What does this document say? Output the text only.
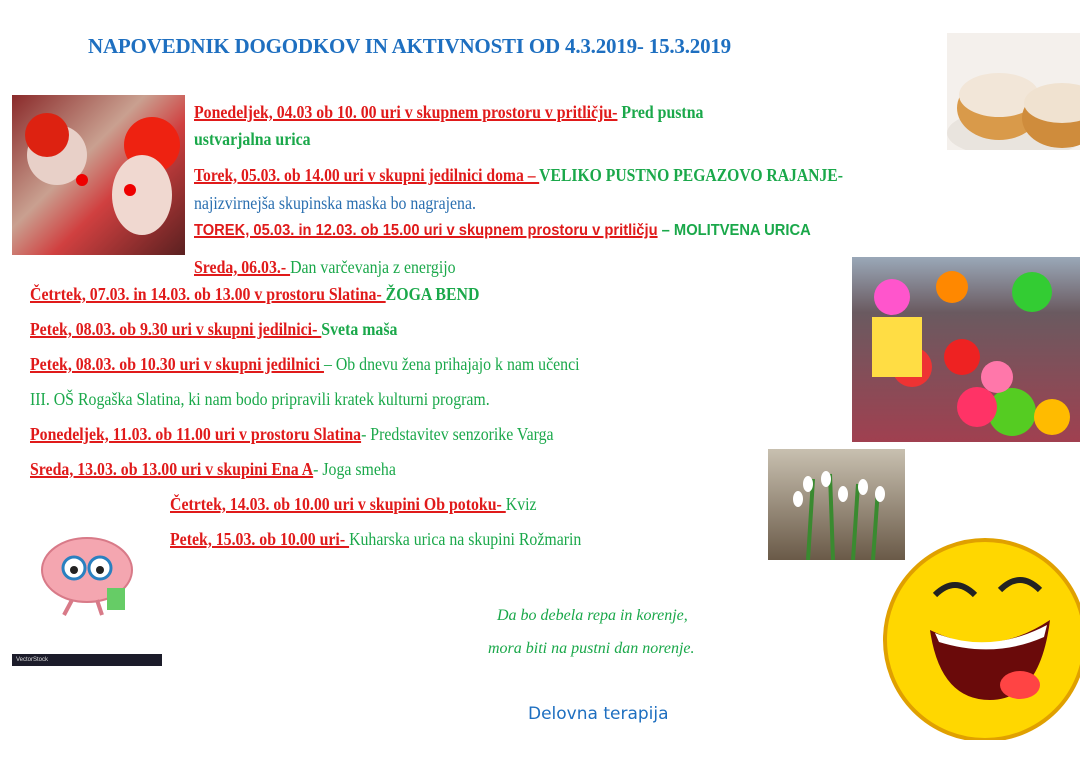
NAPOVEDNIK DOGODKOV IN AKTIVNOSTI OD 4.3.2019- 15.3.2019
VectorStock
Ponedeljek, 04.03 ob 10. 00 uri v skupnem prostoru v pritličju- Pred pustna
ustvarjalna urica
Torek, 05.03. ob 14.00 uri v skupni jedilnici doma – VELIKO PUSTNO PEGAZOVO RAJANJE-
najizvirnejša skupinska maska bo nagrajena.
TOREK, 05.03. in 12.03. ob 15.00 uri v skupnem prostoru v pritličju – MOLITVENA URICA
Sreda, 06.03.- Dan varčevanja z energijo
Četrtek, 07.03. in 14.03. ob 13.00 v prostoru Slatina- ŽOGA BEND
Petek, 08.03. ob 9.30 uri v skupni jedilnici- Sveta maša
Petek, 08.03. ob 10.30 uri v skupni jedilnici – Ob dnevu žena prihajajo k nam učenci
III. OŠ Rogaška Slatina, ki nam bodo pripravili kratek kulturni program.
Ponedeljek, 11.03. ob 11.00 uri v prostoru Slatina- Predstavitev senzorike Varga
Sreda, 13.03. ob 13.00 uri v skupini Ena A- Joga smeha
Četrtek, 14.03. ob 10.00 uri v skupini Ob potoku- Kviz
Petek, 15.03. ob 10.00 uri- Kuharska urica na skupini Rožmarin
Da bo debela repa in korenje,
mora biti na pustni dan norenje.
Delovna terapija
